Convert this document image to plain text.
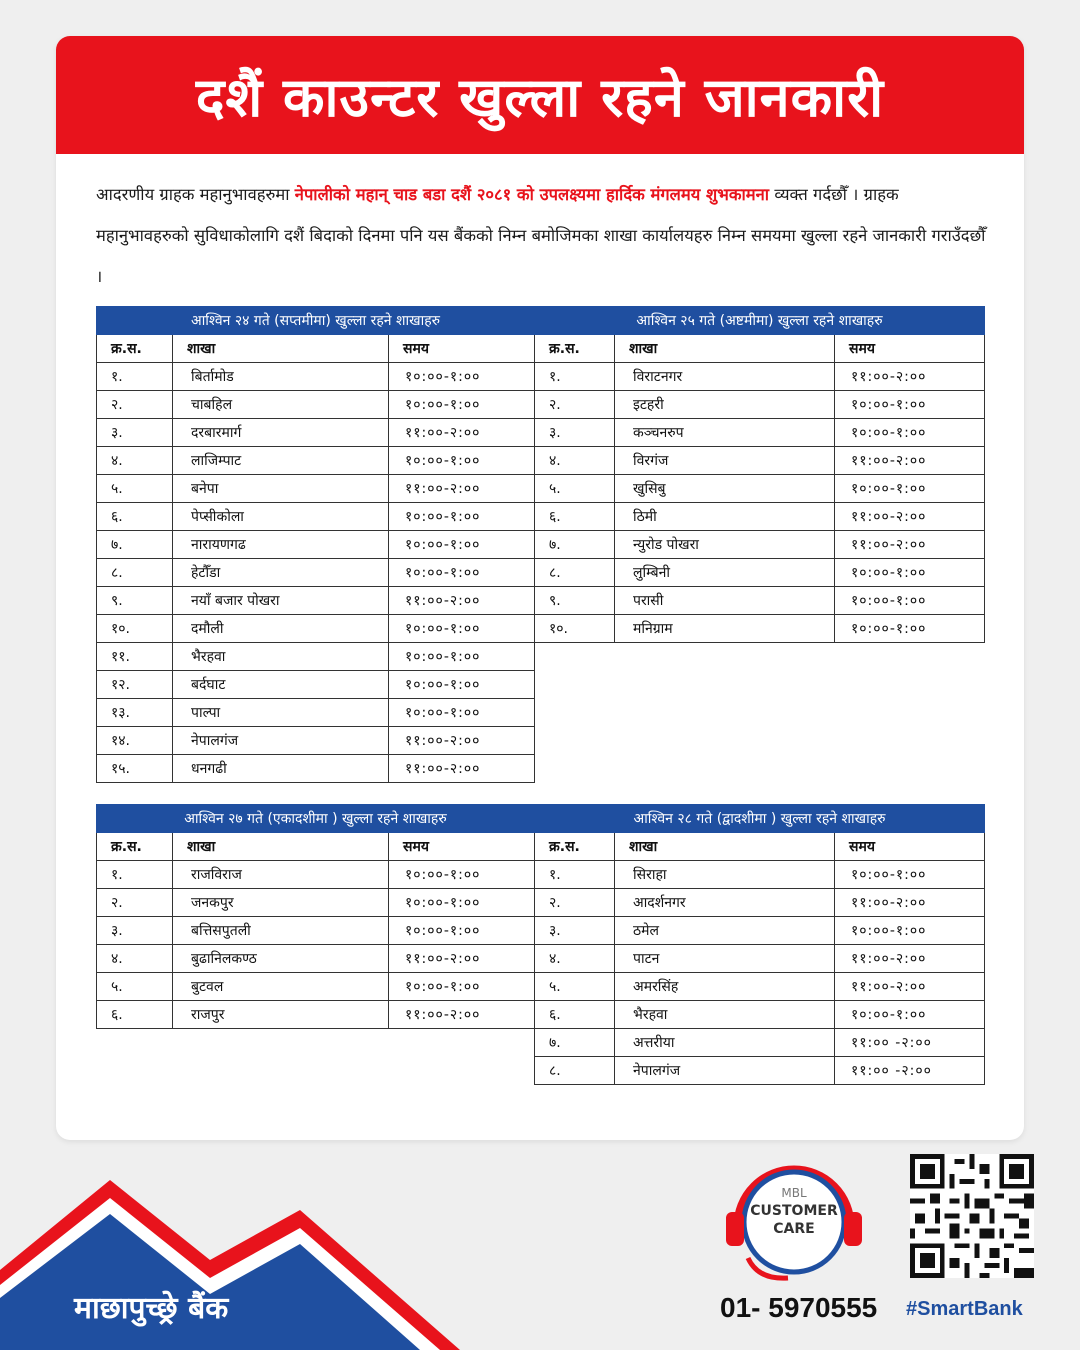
दशैं काउन्टर खुल्ला रहने जानकारी

आदरणीय ग्राहक महानुभावहरुमा नेपालीको महान् चाड बडा दशैं २०८१ को उपलक्ष्यमा हार्दिक मंगलमय शुभकामना व्यक्त गर्दछौँ । ग्राहक महानुभावहरुको सुविधाकोलागि दशैं बिदाको दिनमा पनि यस बैंकको निम्न बमोजिमका शाखा कार्यालयहरु निम्न समयमा खुल्ला रहने जानकारी गराउँदछौँ ।

आश्विन २४ गते (सप्तमीमा) खुल्ला रहने शाखाहरु		
क्र.स.	शाखा	समय
१.	बिर्तामोड	१०:००-१:००
२.	चाबहिल	१०:००-१:००
३.	दरबारमार्ग	११:००-२:००
४.	लाजिम्पाट	१०:००-१:००
५.	बनेपा	११:००-२:००
६.	पेप्सीकोला	१०:००-१:००
७.	नारायणगढ	१०:००-१:००
८.	हेटौँडा	१०:००-१:००
९.	नयाँ बजार पोखरा	११:००-२:००
१०.	दमौली	१०:००-१:००
११.	भैरहवा	१०:००-१:००
१२.	बर्दघाट	१०:००-१:००
१३.	पाल्पा	१०:००-१:००
१४.	नेपालगंज	११:००-२:००
१५.	धनगढी	११:००-२:००
आश्विन २५ गते (अष्टमीमा) खुल्ला रहने शाखाहरु		
क्र.स.	शाखा	समय
१.	विराटनगर	११:००-२:००
२.	इटहरी	१०:००-१:००
३.	कञ्चनरुप	१०:००-१:००
४.	विरगंज	११:००-२:००
५.	खुसिबु	१०:००-१:००
६.	ठिमी	११:००-२:००
७.	न्युरोड पोखरा	११:००-२:००
८.	लुम्बिनी	१०:००-१:००
९.	परासी	१०:००-१:००
१०.	मनिग्राम	१०:००-१:००
आश्विन २७ गते (एकादशीमा ) खुल्ला रहने शाखाहरु		
क्र.स.	शाखा	समय
१.	राजविराज	१०:००-१:००
२.	जनकपुर	१०:००-१:००
३.	बत्तिसपुतली	१०:००-१:००
४.	बुढानिलकण्ठ	११:००-२:००
५.	बुटवल	१०:००-१:००
६.	राजपुर	११:००-२:००
आश्विन २८ गते (द्वादशीमा ) खुल्ला रहने शाखाहरु		
क्र.स.	शाखा	समय
१.	सिराहा	१०:००-१:००
२.	आदर्शनगर	११:००-२:००
३.	ठमेल	१०:००-१:००
४.	पाटन	११:००-२:००
५.	अमरसिंह	११:००-२:००
६.	भैरहवा	१०:००-१:००
७.	अत्तरीया	११:०० -२:००
८.	नेपालगंज	११:०० -२:००
माछापुच्छ्रे बैंक
MBL
CUSTOMER
CARE
01- 5970555 #SmartBank
